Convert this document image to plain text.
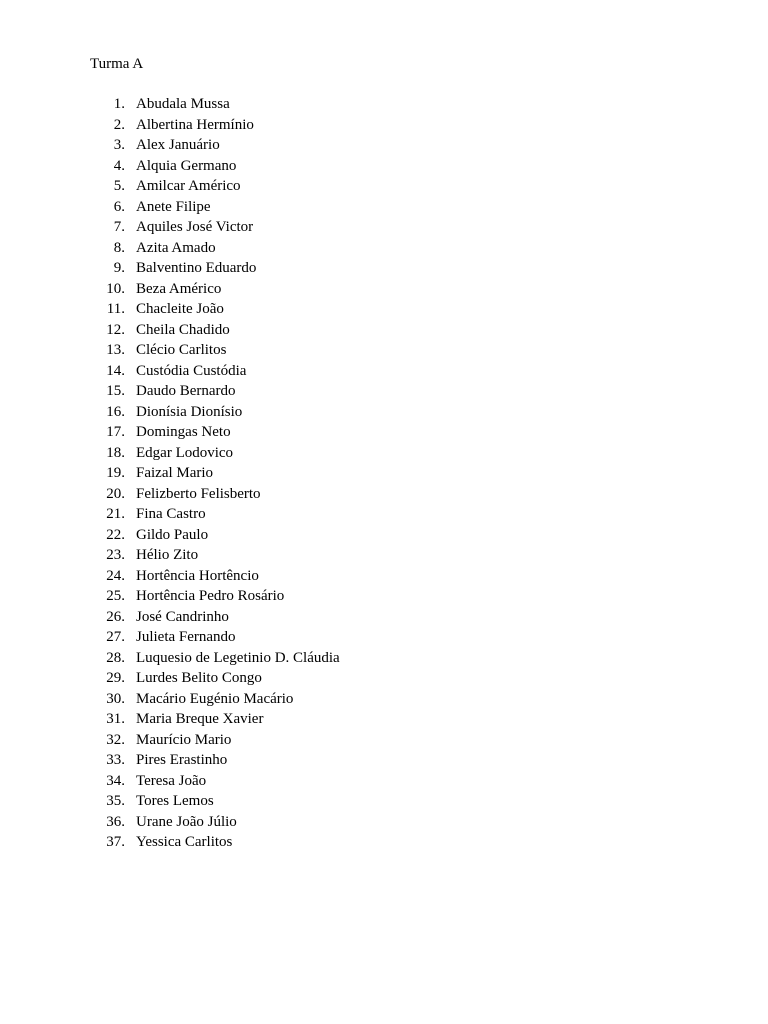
Turma A
1. Abudala Mussa
2. Albertina Hermínio
3. Alex Januário
4. Alquia Germano
5. Amilcar Américo
6. Anete Filipe
7. Aquiles José Victor
8. Azita Amado
9. Balventino Eduardo
10. Beza Américo
11. Chacleite João
12. Cheila Chadido
13. Clécio Carlitos
14. Custódia Custódia
15. Daudo Bernardo
16. Dionísia Dionísio
17. Domingas Neto
18. Edgar Lodovico
19. Faizal Mario
20. Felizberto Felisberto
21. Fina Castro
22. Gildo Paulo
23. Hélio Zito
24. Hortência Hortêncio
25. Hortência Pedro Rosário
26. José Candrinho
27. Julieta Fernando
28. Luquesio de Legetinio D. Cláudia
29. Lurdes Belito Congo
30. Macário Eugénio Macário
31. Maria Breque Xavier
32. Maurício Mario
33. Pires Erastinho
34. Teresa João
35. Tores Lemos
36. Urane João Júlio
37. Yessica Carlitos
